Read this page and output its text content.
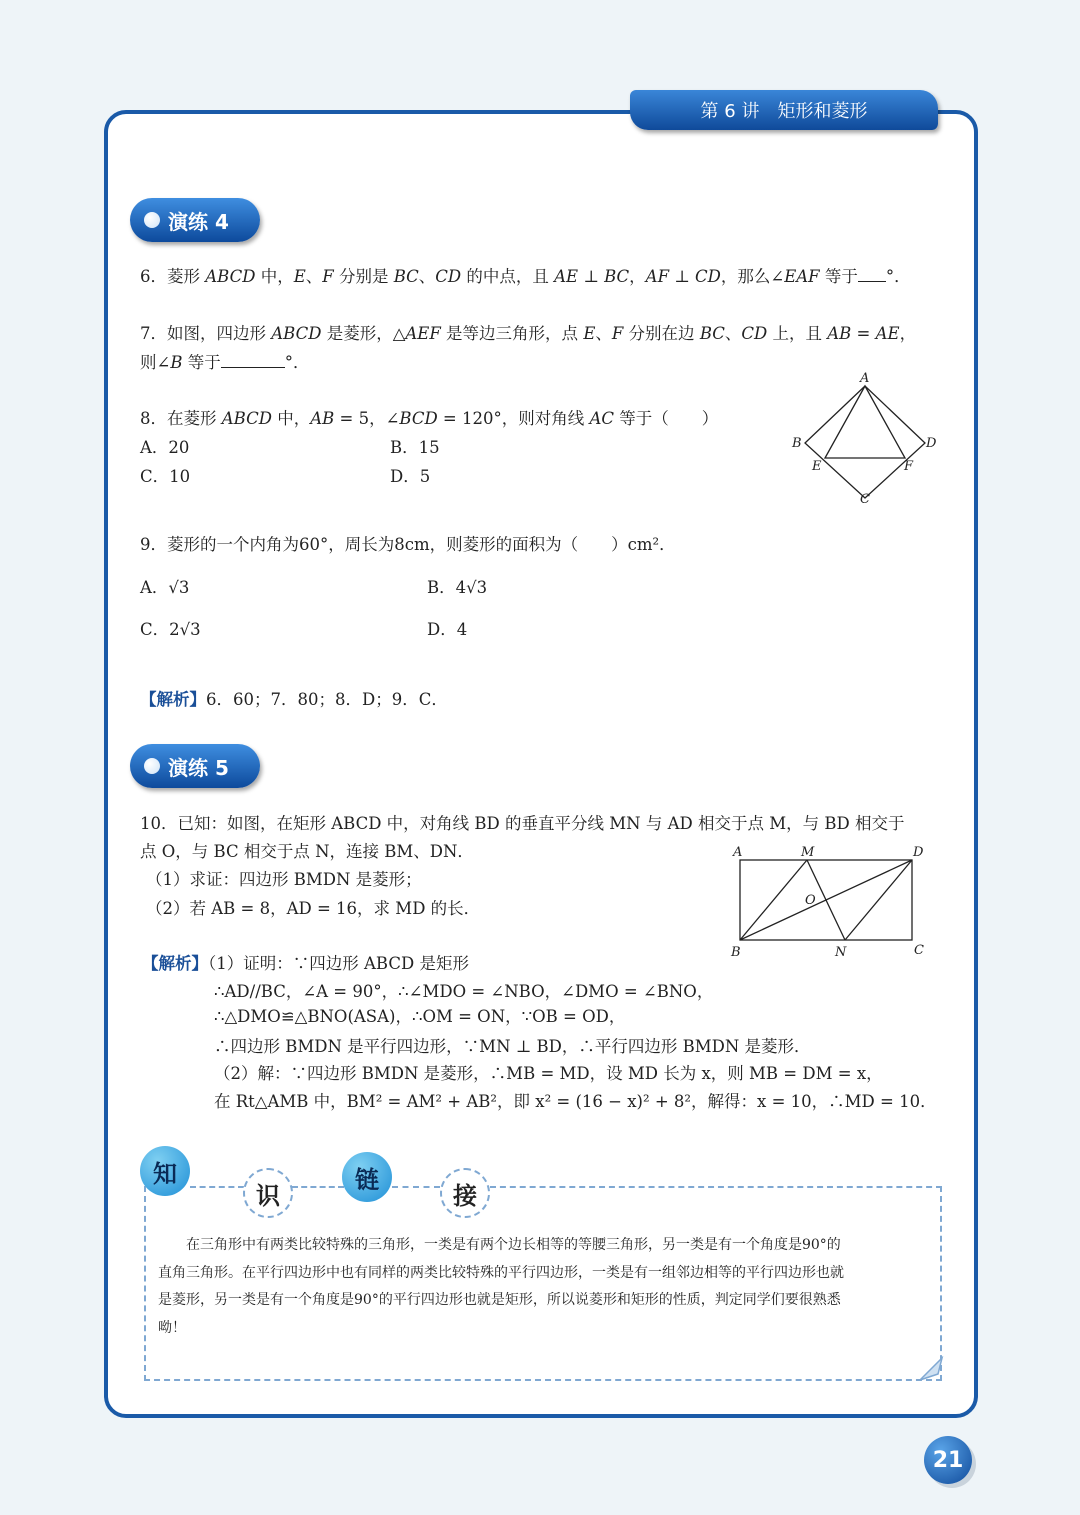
第 6 讲 矩形和菱形
演练 4
6．菱形 ABCD 中，E、F 分别是 BC、CD 的中点，且 AE ⊥ BC，AF ⊥ CD，那么∠EAF 等于 °．
7．如图，四边形 ABCD 是菱形，△AEF 是等边三角形，点 E、F 分别在边 BC、CD 上，且 AB = AE，
则∠B 等于	°．
8．在菱形 ABCD 中，AB = 5，∠BCD = 120°，则对角线 AC 等于（　　）
A．20	B．15
C．10	D．5
A
B
C
D
E	F
9．菱形的一个内角为60°，周长为8cm，则菱形的面积为（　　）cm²．
A．√3	B．4√3
C．2√3	D．4
【解析】6．60；7．80；8．D；9．C．
演练 5
10．已知：如图，在矩形 ABCD 中，对角线 BD 的垂直平分线 MN 与 AD 相交于点 M，与 BD 相交于
点 O，与 BC 相交于点 N，连接 BM、DN．
（1）求证：四边形 BMDN 是菱形；
（2）若 AB = 8，AD = 16，求 MD 的长．
A	M	D
O
B	N	C
【解析】（1）证明：∵四边形 ABCD 是矩形
∴AD//BC，∠A = 90°，∴∠MDO = ∠NBO，∠DMO = ∠BNO，
∴△DMO≌△BNO(ASA)，∴OM = ON，∵OB = OD，
∴四边形 BMDN 是平行四边形，∵MN ⊥ BD，∴平行四边形 BMDN 是菱形．
（2）解：∵四边形 BMDN 是菱形，∴MB = MD，设 MD 长为 x，则 MB = DM = x，
在 Rt△AMB 中，BM² = AM² + AB²，即 x² = (16 − x)² + 8²，解得：x = 10，∴MD = 10．
知
识
链
接
　　在三角形中有两类比较特殊的三角形，一类是有两个边长相等的等腰三角形，另一类是有一个角度是90°的
直角三角形。在平行四边形中也有同样的两类比较特殊的平行四边形，一类是有一组邻边相等的平行四边形也就
是菱形，另一类是有一个角度是90°的平行四边形也就是矩形，所以说菱形和矩形的性质，判定同学们要很熟悉
呦！
21
